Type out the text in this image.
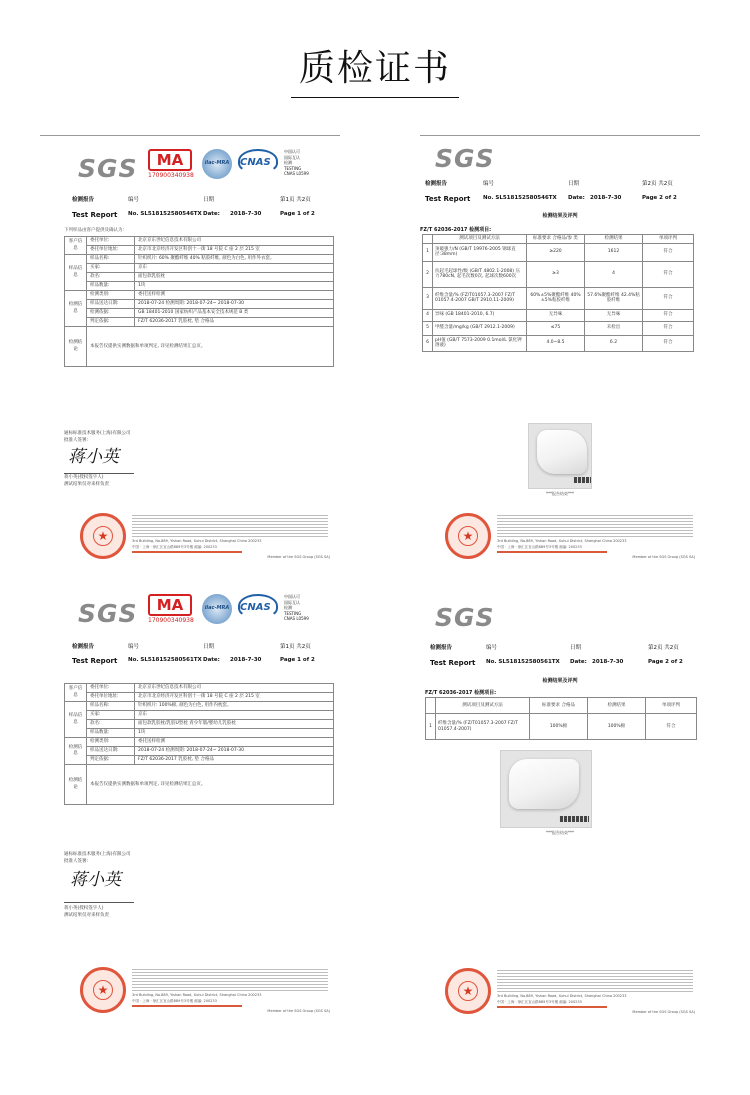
质检证书
SGS	MA
170900340938
ilac-MRA CNAS
中国认可
国际互认
检测
TESTING
CNAS L0599
检测报告	编号	日期	第1页 共2页
Test Report No. SL51815258054​6TX Date: 2018-7-30	Page 1 of 2
下列样品由客户提供及确认为:
客户信息	委托单位:	北京京东世纪信息技术有限公司
	委托单位地址:	北京市北京经济开发区科创十一街 18 号院 C 座 2 层 215 室
样品信息	样品名称:	针织织片: 60% 聚酯纤维 40% 粘胶纤维, 颜色为白色, 用作外衣套。
	买家:	京东
	款名:	面包款乳胶枕
	样品数量:	1块
检测信息	检测类别:	委托送样检测
	样品送达日期:	2018-07-24 检测周期: 2018-07-24~ 2018-07-30
	检测依据:	GB 18401-2010 国家纺织产品基本安全技术规范 B 类
	判定依据:	FZ/T 62036-2017 乳胶枕, 垫 合格品
检测结论	本报告仅提供实测数据和单项判定, 详见检测结果汇总页。	
通标标准技术服务(上海)有限公司
批准人签署:
蒋小英
蒋小英(授权签字人)
测试结果仅对来样负责
★	3rd Building, No.889, Yishan Road, Xuhui District, Shanghai China 200233
中国 · 上海 · 徐汇区宜山路889号3号楼 邮编: 200233
Member of the SGS Group (SGS SA)
SGS
检测报告	编号	日期	第2页 共2页
Test Report No. SL51815258054​6TX Date: 2018-7-30	Page 2 of 2
检测结果及评判
FZ/T 62036-2017 检测项目:
	测试项目及测试方法	标准要求 合格品/参 类	检测结果	单项评判
1	顶破强力/N (GB/T 19976-2005 钢球直径:38mm)	≥220	1612	符合
2	抗起毛起球性/级 (GB/T 4802.1-2008) 压力780cN, 起毛次数0次, 起球次数600次	≥3	4	符合
3	纤维含量/% (FZ/T01057.3-2007 FZ/T 01057.4-2007 GB/T 2910.11-2009)	60%±5%聚酯纤维 40%±5%粘胶纤维	57.6%聚酯纤维 42.4%粘胶纤维	符合
4	异味 (GB 18401-2010, 6.7)	无异味	无异味	符合
5	甲醛含量/mg/kg (GB/T 2912.1-2009)	≤75	未检出	符合
6	pH值 (GB/T 7573-2009 0.1mol/L 氯化钾溶液)	4.0~8.5	6.2	符合
***报告结束***
★	3rd Building, No.889, Yishan Road, Xuhui District, Shanghai China 200233
中国 · 上海 · 徐汇区宜山路889号3号楼 邮编: 200233
Member of the SGS Group (SGS SA)
SGS	MA
170900340938
ilac-MRA CNAS
中国认可
国际互认
检测
TESTING
CNAS L0599
检测报告	编号	日期	第1页 共2页
Test Report No. SL51815258056​1TX Date: 2018-7-30	Page 1 of 2
客户信息	委托单位:	北京京东世纪信息技术有限公司
	委托单位地址:	北京市北京经济开发区科创十一街 18 号院 C 座 2 层 215 室
样品信息	样品名称:	针织织片: 100%棉, 颜色为白色, 用作内枕套。
	买家:	京东
	款名:	面包款乳胶枕/乳胶U型枕 青少年版/婴幼儿乳胶枕
	样品数量:	1块
检测信息	检测类别:	委托送样检测
	样品送达日期:	2018-07-24 检测周期: 2018-07-24~ 2018-07-30
	判定依据:	FZ/T 62036-2017 乳胶枕, 垫 合格品
检测结论	本报告仅提供实测数据和单项判定, 详见检测结果汇总页。	
通标标准技术服务(上海)有限公司
批准人签署:
蒋小英
蒋小英(授权签字人)
测试结果仅对来样负责
★	3rd Building, No.889, Yishan Road, Xuhui District, Shanghai China 200233
中国 · 上海 · 徐汇区宜山路889号3号楼 邮编: 200233
Member of the SGS Group (SGS SA)
SGS
检测报告	编号	日期	第2页 共2页
Test Report No. SL51815258056​1TX Date: 2018-7-30	Page 2 of 2
检测结果及评判
FZ/T 62036-2017 检测项目:
	测试项目及测试方法	标准要求 合格品	检测结果	单项评判
1	纤维含量/% (FZ/T01057.3-2007 FZ/T 01057.4-2007)	100%棉	100%棉	符合
***报告结束***
★	3rd Building, No.889, Yishan Road, Xuhui District, Shanghai China 200233
中国 · 上海 · 徐汇区宜山路889号3号楼 邮编: 200233
Member of the SGS Group (SGS SA)
